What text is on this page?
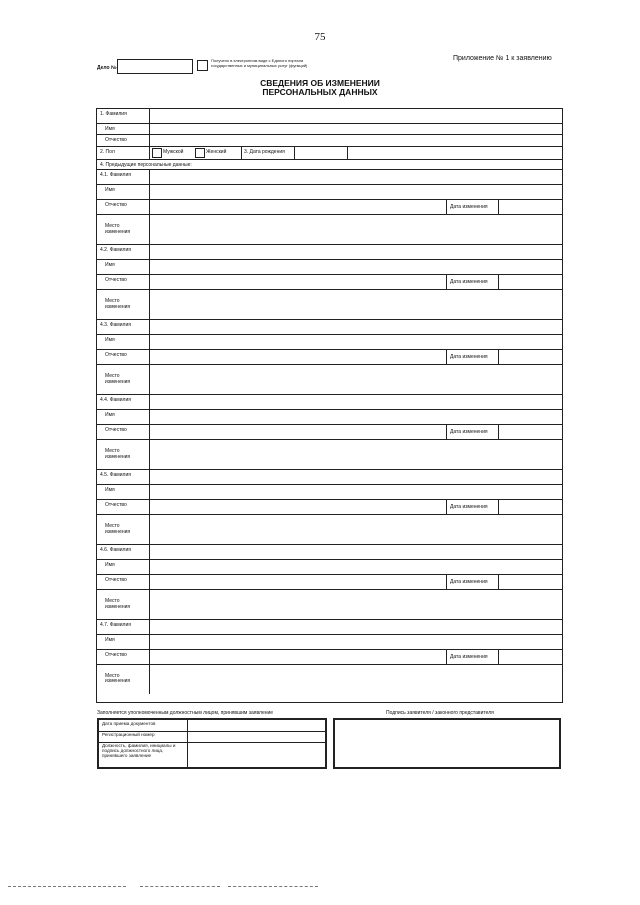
75
Дело №
Получено в электронном виде с Единого портала государственных и муниципальных услуг (функций)
Приложение № 1 к заявлению
СВЕДЕНИЯ ОБ ИЗМЕНЕНИИ
ПЕРСОНАЛЬНЫХ ДАННЫХ
1. Фамилия
Имя
Отчество
2. Пол	Мужской	Женский	3. Дата рождения
4. Предыдущие персональные данные:
4.1. Фамилия
Имя
Отчество	Дата изменения
Место изменения
4.2. Фамилия
Имя
Отчество	Дата изменения
Место изменения
4.3. Фамилия
Имя
Отчество	Дата изменения
Место изменения
4.4. Фамилия
Имя
Отчество	Дата изменения
Место изменения
4.5. Фамилия
Имя
Отчество	Дата изменения
Место изменения
4.6. Фамилия
Имя
Отчество	Дата изменения
Место изменения
4.7. Фамилия
Имя
Отчество	Дата изменения
Место изменения
Заполняется уполномоченным должностным лицом, принявшим заявление	Подпись заявителя / законного представителя
Дата приема документов
Регистрационный номер
Должность, фамилия, инициалы и подпись должностного лица, принявшего заявление
